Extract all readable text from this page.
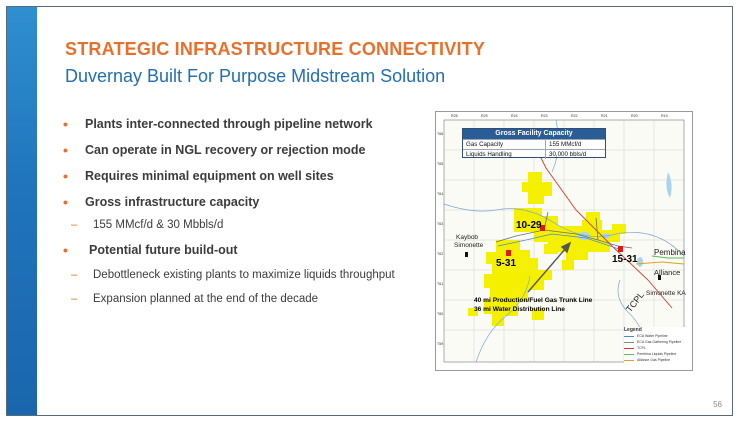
STRATEGIC INFRASTRUCTURE CONNECTIVITY
Duvernay Built For Purpose Midstream Solution
• Plants inter-connected through pipeline network
• Can operate in NGL recovery or rejection mode
• Requires minimal equipment on well sites
• Gross infrastructure capacity
– 155 MMcf/d & 30 Mbbls/d
• Potential future build-out
– Debottleneck existing plants to maximize liquids throughput
– Expansion planned at the end of the decade
R26	R25	R24	R23	R22	R21	R20	R19
T66
T65
T64
T63
T62
T61
T60
T59
Gross Facility Capacity
Gas Capacity	155 MMcf/d
Liquids Handling	30,000 bbls/d
10-29
5-31	15-31
Kaybob
Simonette
Pembina
Alliance
Simonette KA
TCPL
40 mi Production/Fuel Gas Trunk Line
36 mi Water Distribution Line
Legend
ECA Water Pipeline
ECA Gas Gathering Pipeline
TCPL
Pembina Liquids Pipeline
Alliance Gas Pipeline
56
